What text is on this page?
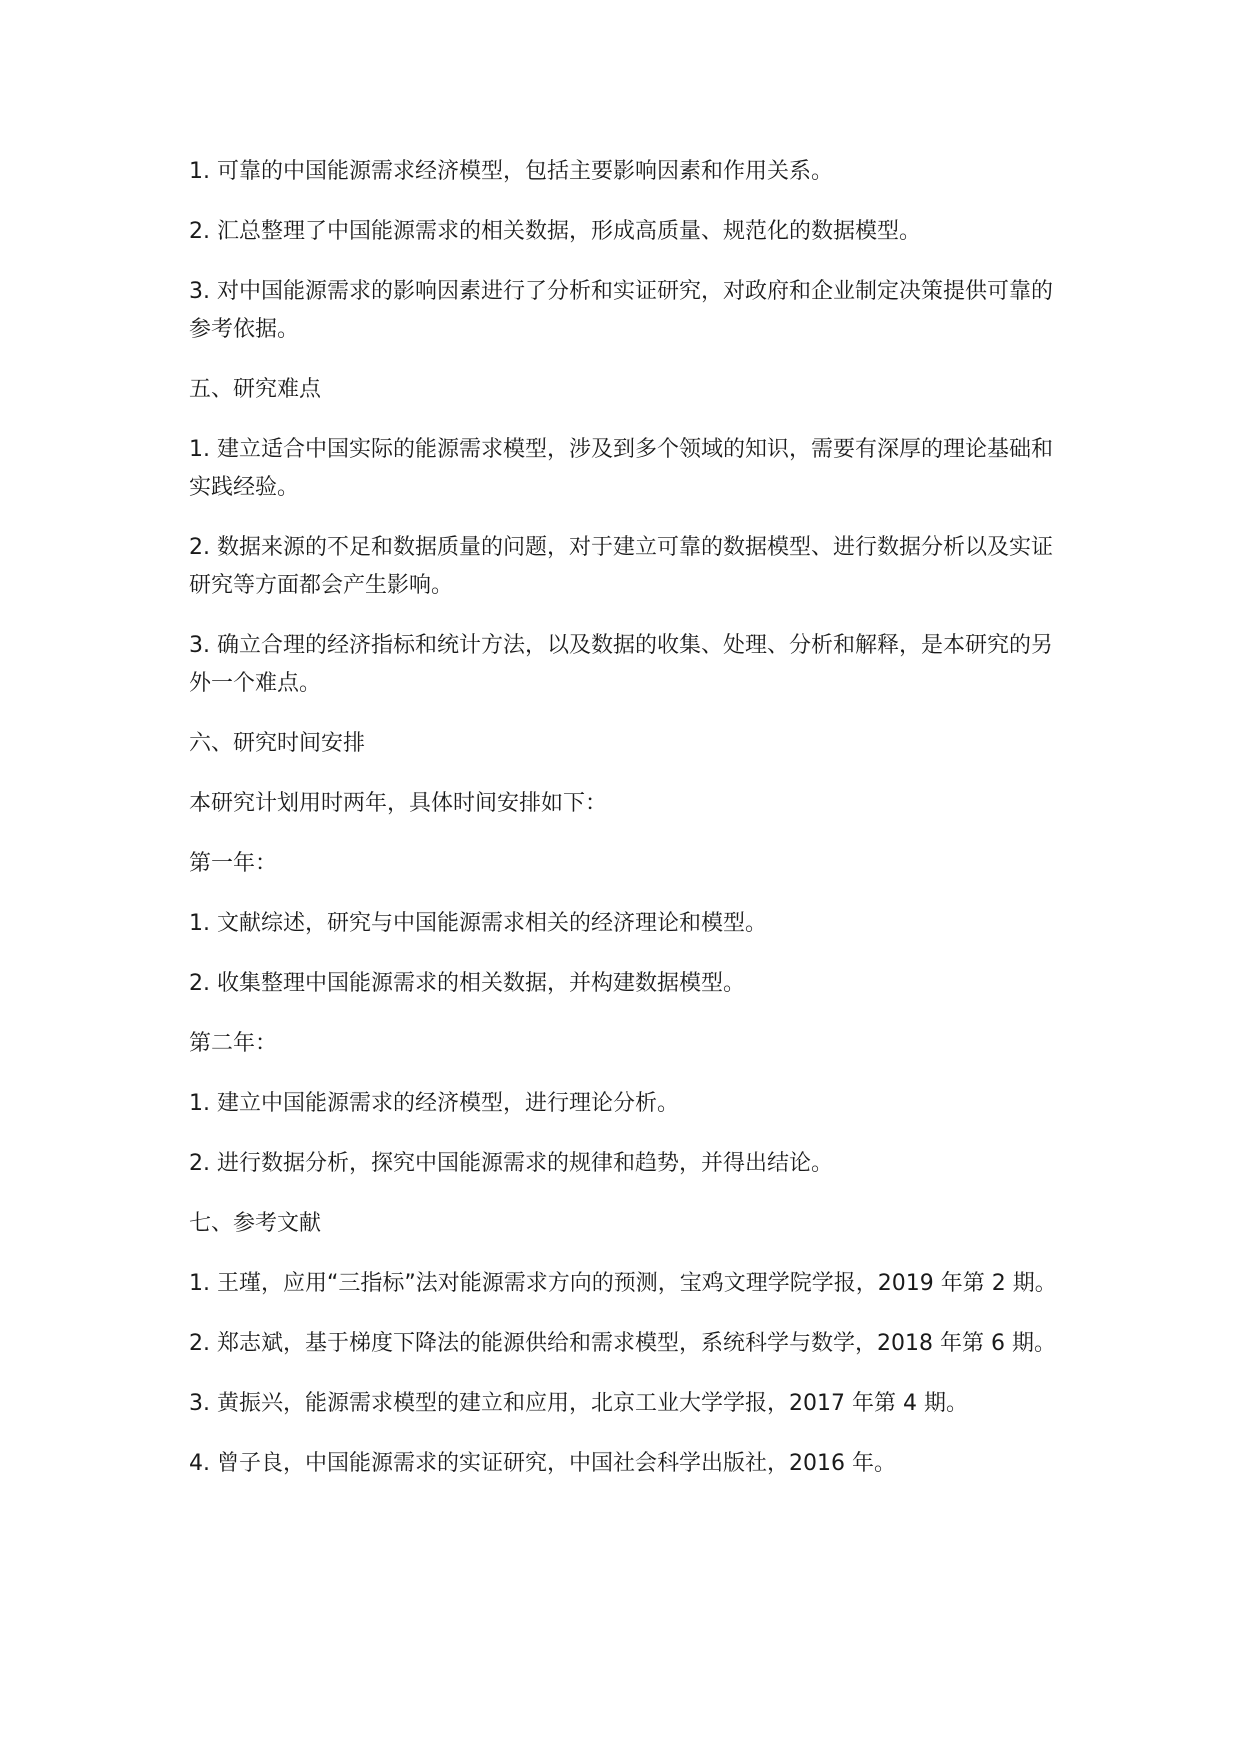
1. 可靠的中国能源需求经济模型，包括主要影响因素和作用关系。

2. 汇总整理了中国能源需求的相关数据，形成高质量、规范化的数据模型。

3. 对中国能源需求的影响因素进行了分析和实证研究，对政府和企业制定决策提供可靠的参考依据。

五、研究难点

1. 建立适合中国实际的能源需求模型，涉及到多个领域的知识，需要有深厚的理论基础和实践经验。

2. 数据来源的不足和数据质量的问题，对于建立可靠的数据模型、进行数据分析以及实证研究等方面都会产生影响。

3. 确立合理的经济指标和统计方法，以及数据的收集、处理、分析和解释，是本研究的另外一个难点。

六、研究时间安排

本研究计划用时两年，具体时间安排如下：

第一年：

1. 文献综述，研究与中国能源需求相关的经济理论和模型。

2. 收集整理中国能源需求的相关数据，并构建数据模型。

第二年：

1. 建立中国能源需求的经济模型，进行理论分析。

2. 进行数据分析，探究中国能源需求的规律和趋势，并得出结论。

七、参考文献

1. 王瑾，应用“三指标”法对能源需求方向的预测，宝鸡文理学院学报，2019 年第 2 期。

2. 郑志斌，基于梯度下降法的能源供给和需求模型，系统科学与数学，2018 年第 6 期。

3. 黄振兴，能源需求模型的建立和应用，北京工业大学学报，2017 年第 4 期。

4. 曾子良，中国能源需求的实证研究，中国社会科学出版社，2016 年。
